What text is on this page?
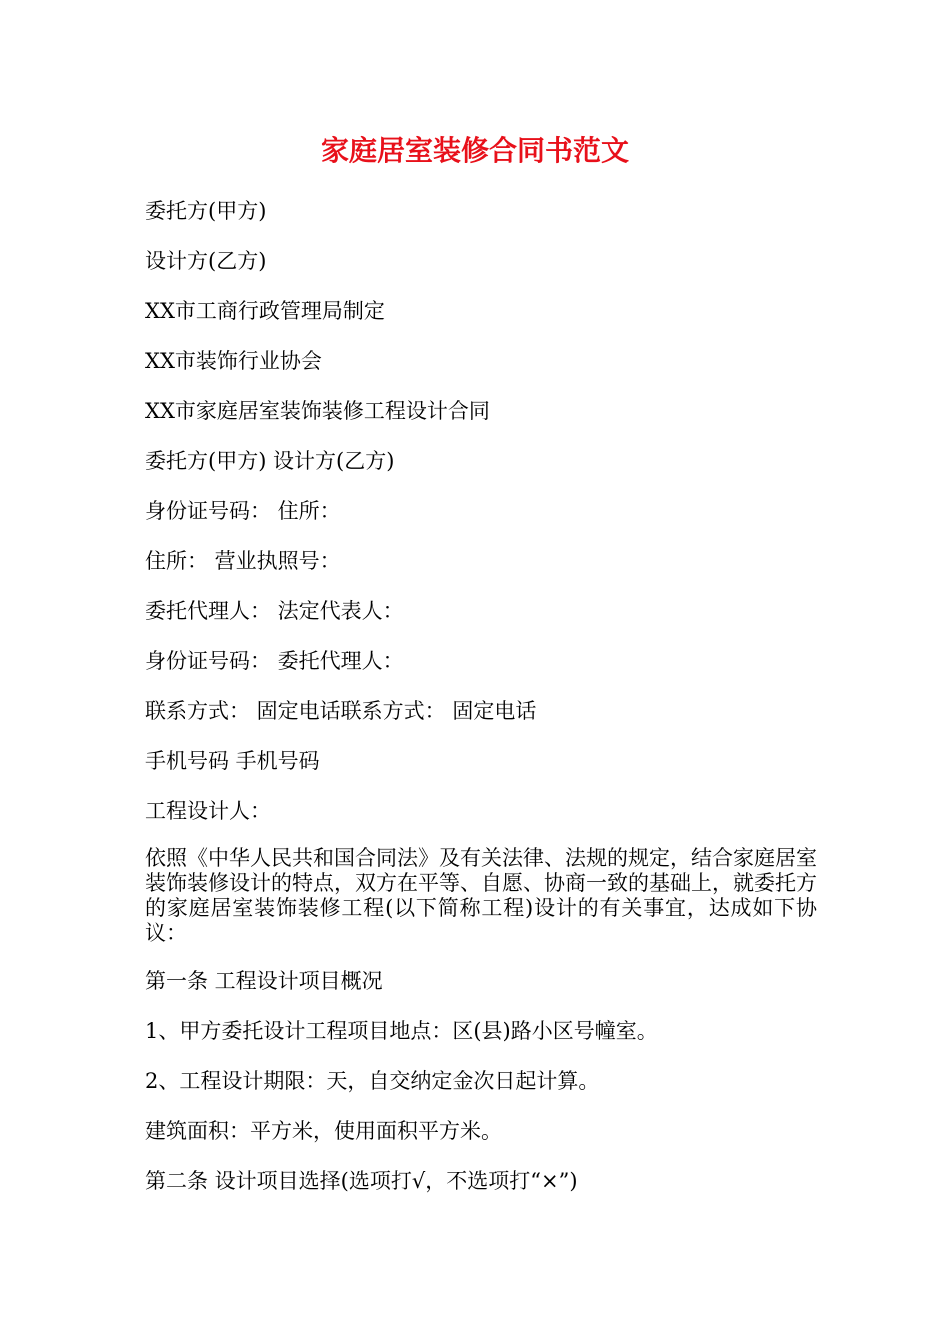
家庭居室装修合同书范文
委托方(甲方)
设计方(乙方)
XX市工商行政管理局制定
XX市装饰行业协会
XX市家庭居室装饰装修工程设计合同
委托方(甲方) 设计方(乙方)
身份证号码： 住所：
住所： 营业执照号：
委托代理人： 法定代表人：
身份证号码： 委托代理人：
联系方式： 固定电话联系方式： 固定电话
手机号码 手机号码
工程设计人：
依照《中华人民共和国合同法》及有关法律、法规的规定，结合家庭居室装饰装修设计的特点，双方在平等、自愿、协商一致的基础上，就委托方的家庭居室装饰装修工程(以下简称工程)设计的有关事宜，达成如下协议：
第一条 工程设计项目概况
1、甲方委托设计工程项目地点：区(县)路小区号幢室。
2、工程设计期限：天，自交纳定金次日起计算。
建筑面积：平方米，使用面积平方米。
第二条 设计项目选择(选项打√，不选项打“×”)
